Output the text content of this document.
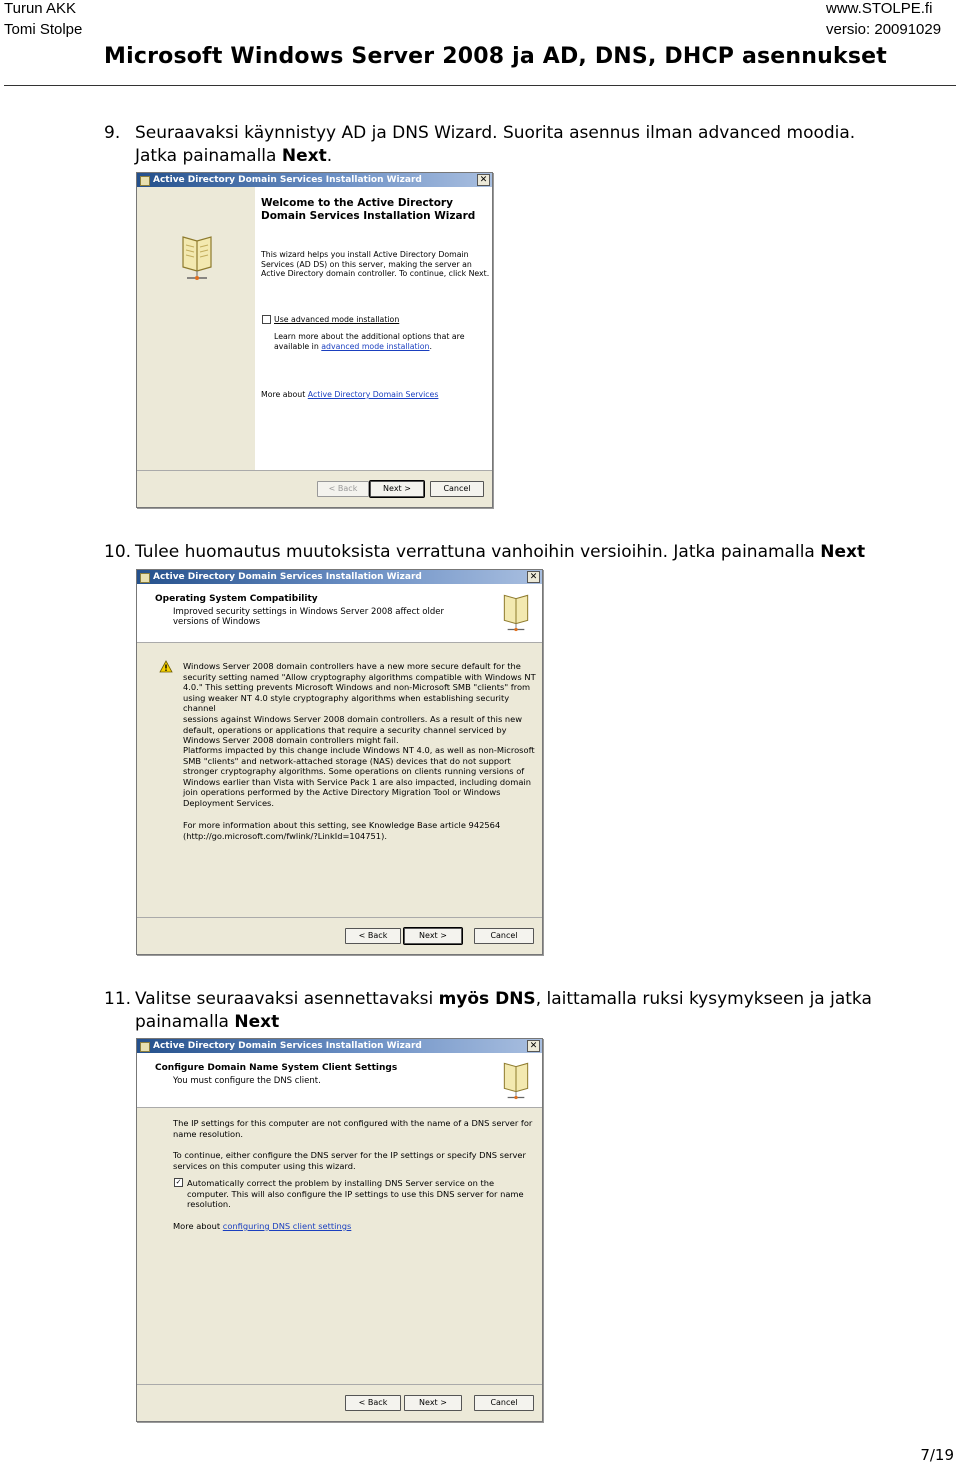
Turun AKK
Tomi Stolpe
www.STOLPE.fi
versio: 20091029
Microsoft Windows Server 2008 ja AD, DNS, DHCP asennukset
9. Seuraavaksi käynnistyy AD ja DNS Wizard. Suorita asennus ilman advanced moodia.
Jatka painamalla Next.
Active Directory Domain Services Installation Wizard	✕
Welcome to the Active Directory
Domain Services Installation Wizard
This wizard helps you install Active Directory Domain
Services (AD DS) on this server, making the server an
Active Directory domain controller. To continue, click Next.
Use advanced mode installation
Learn more about the additional options that are
available in advanced mode installation.
More about Active Directory Domain Services
< Back	Next >	Cancel
10. Tulee huomautus muutoksista verrattuna vanhoihin versioihin. Jatka painamalla Next
Active Directory Domain Services Installation Wizard	✕
Operating System Compatibility
Improved security settings in Windows Server 2008 affect older versions of Windows
Windows Server 2008 domain controllers have a new more secure default for the
security setting named "Allow cryptography algorithms compatible with Windows NT
4.0." This setting prevents Microsoft Windows and non-Microsoft SMB "clients" from
using weaker NT 4.0 style cryptography algorithms when establishing security channel
sessions against Windows Server 2008 domain controllers. As a result of this new
default, operations or applications that require a security channel serviced by
Windows Server 2008 domain controllers might fail.
Platforms impacted by this change include Windows NT 4.0, as well as non-Microsoft
SMB "clients" and network-attached storage (NAS) devices that do not support
stronger cryptography algorithms. Some operations on clients running versions of
Windows earlier than Vista with Service Pack 1 are also impacted, including domain
join operations performed by the Active Directory Migration Tool or Windows
Deployment Services.
For more information about this setting, see Knowledge Base article 942564
(http://go.microsoft.com/fwlink/?LinkId=104751).
< Back	Next >	Cancel
11. Valitse seuraavaksi asennettavaksi myös DNS, laittamalla ruksi kysymykseen ja jatka
painamalla Next
Active Directory Domain Services Installation Wizard	✕
Configure Domain Name System Client Settings
You must configure the DNS client.
The IP settings for this computer are not configured with the name of a DNS server for
name resolution.
To continue, either configure the DNS server for the IP settings or specify DNS server
services on this computer using this wizard.
✓ Automatically correct the problem by installing DNS Server service on the
computer. This will also configure the IP settings to use this DNS server for name
resolution.
More about configuring DNS client settings
< Back	Next >	Cancel
7/19
